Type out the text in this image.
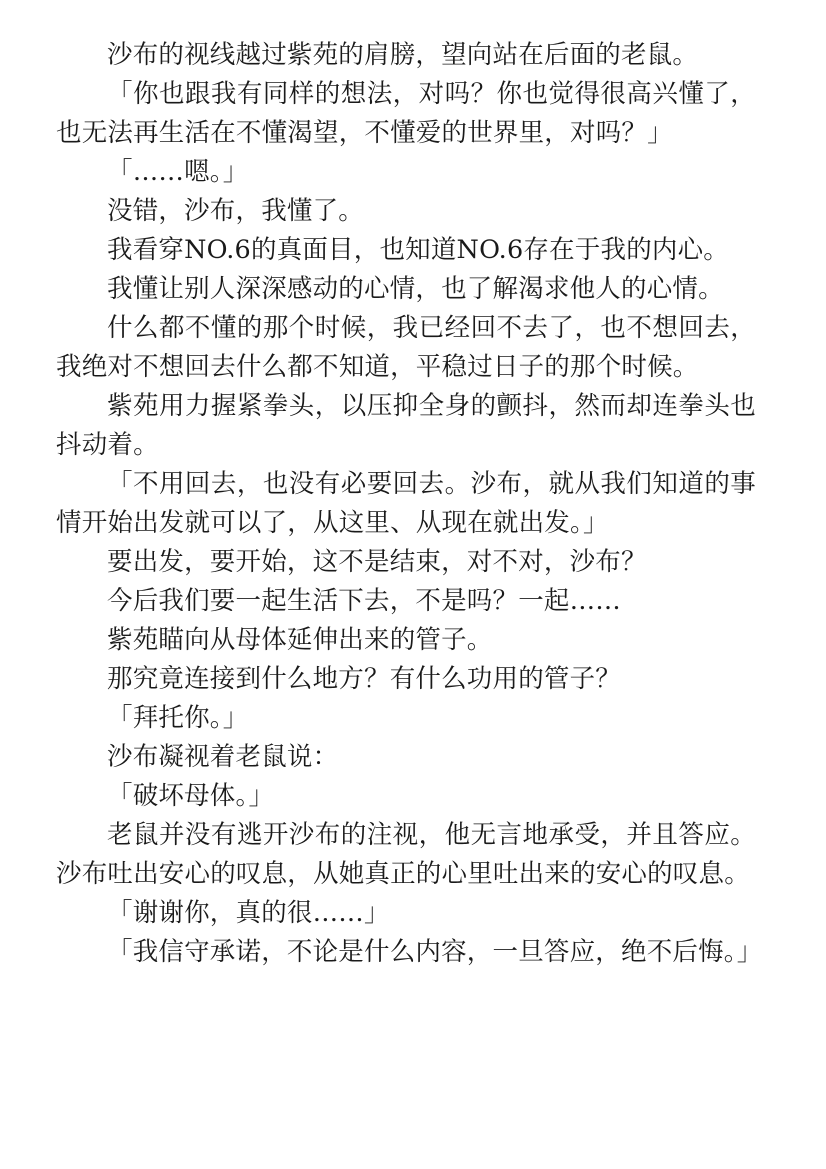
沙布的视线越过紫苑的肩膀，望向站在后面的老鼠。

「你也跟我有同样的想法，对吗？你也觉得很高兴懂了，也无法再生活在不懂渴望，不懂爱的世界里，对吗？」

「……嗯。」

没错，沙布，我懂了。

我看穿NO.6的真面目，也知道NO.6存在于我的内心。

我懂让别人深深感动的心情，也了解渴求他人的心情。

什么都不懂的那个时候，我已经回不去了，也不想回去，我绝对不想回去什么都不知道，平稳过日子的那个时候。

紫苑用力握紧拳头，以压抑全身的颤抖，然而却连拳头也抖动着。

「不用回去，也没有必要回去。沙布，就从我们知道的事情开始出发就可以了，从这里、从现在就出发。」

要出发，要开始，这不是结束，对不对，沙布？

今后我们要一起生活下去，不是吗？一起……

紫苑瞄向从母体延伸出来的管子。

那究竟连接到什么地方？有什么功用的管子？

「拜托你。」

沙布凝视着老鼠说：

「破坏母体。」

老鼠并没有逃开沙布的注视，他无言地承受，并且答应。沙布吐出安心的叹息，从她真正的心里吐出来的安心的叹息。

「谢谢你，真的很……」

「我信守承诺，不论是什么内容，一旦答应，绝不后悔。」
